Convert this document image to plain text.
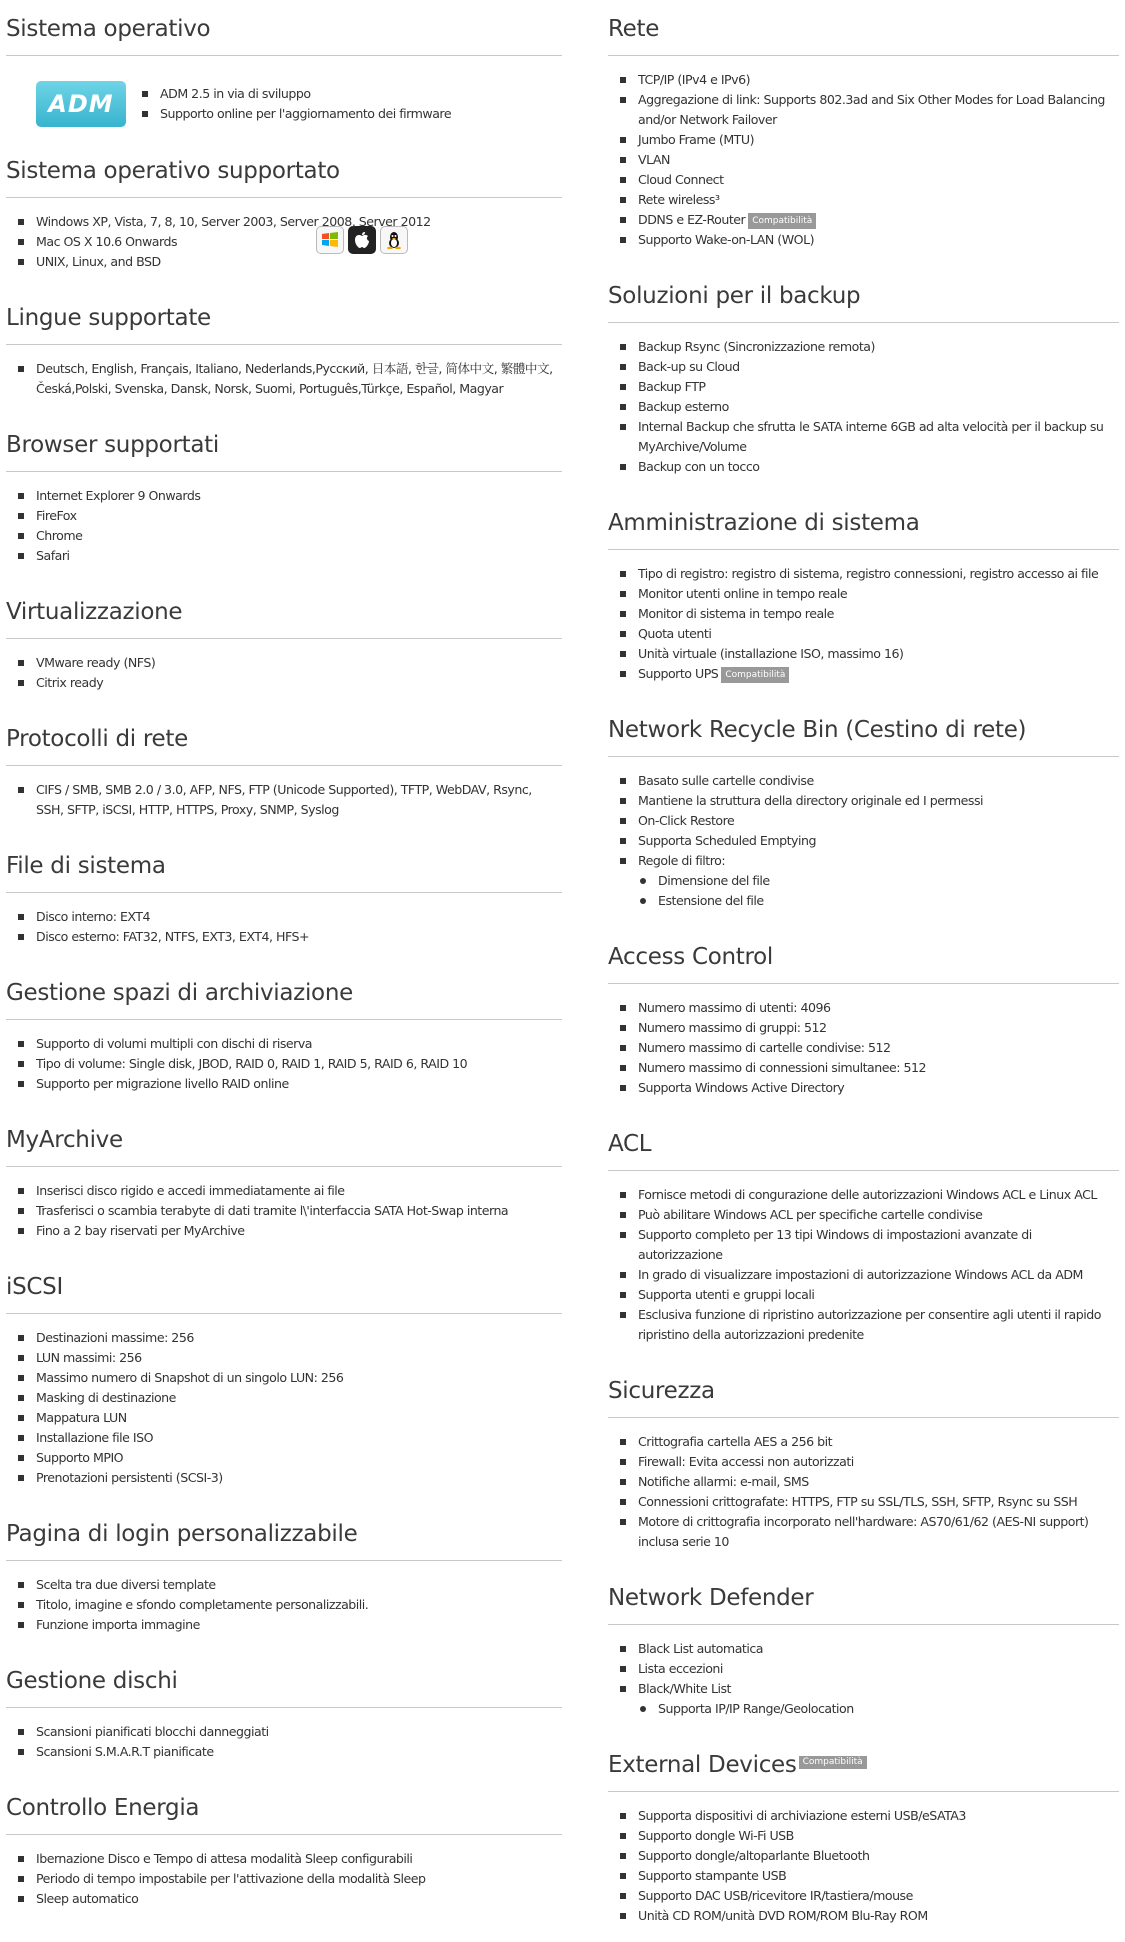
Sistema operativo
ADM	ADM 2.5 in via di sviluppo
Supporto online per l'aggiornamento dei firmware
Sistema operativo supportato
Windows XP, Vista, 7, 8, 10, Server 2003, Server 2008, Server 2012
Mac OS X 10.6 Onwards
UNIX, Linux, and BSD
Lingue supportate
Deutsch, English, Français, Italiano, Nederlands,Русский, 日本語, 한글, 简体中文, 繁體中文, Česká,Polski, Svenska, Dansk, Norsk, Suomi, Português,Türkçe, Español, Magyar
Browser supportati
Internet Explorer 9 Onwards
FireFox
Chrome
Safari
Virtualizzazione
VMware ready (NFS)
Citrix ready
Protocolli di rete
CIFS / SMB, SMB 2.0 / 3.0, AFP, NFS, FTP (Unicode Supported), TFTP, WebDAV, Rsync, SSH, SFTP, iSCSI, HTTP, HTTPS, Proxy, SNMP, Syslog
File di sistema
Disco interno: EXT4
Disco esterno: FAT32, NTFS, EXT3, EXT4, HFS+
Gestione spazi di archiviazione
Supporto di volumi multipli con dischi di riserva
Tipo di volume: Single disk, JBOD, RAID 0, RAID 1, RAID 5, RAID 6, RAID 10
Supporto per migrazione livello RAID online
MyArchive
Inserisci disco rigido e accedi immediatamente ai file
Trasferisci o scambia terabyte di dati tramite l\'interfaccia SATA Hot-Swap interna
Fino a 2 bay riservati per MyArchive
iSCSI
Destinazioni massime: 256
LUN massimi: 256
Massimo numero di Snapshot di un singolo LUN: 256
Masking di destinazione
Mappatura LUN
Installazione file ISO
Supporto MPIO
Prenotazioni persistenti (SCSI-3)
Pagina di login personalizzabile
Scelta tra due diversi template
Titolo, imagine e sfondo completamente personalizzabili.
Funzione importa immagine
Gestione dischi
Scansioni pianificati blocchi danneggiati
Scansioni S.M.A.R.T pianificate
Controllo Energia
Ibernazione Disco e Tempo di attesa modalità Sleep configurabili
Periodo di tempo impostabile per l'attivazione della modalità Sleep
Sleep automatico
Rete
TCP/IP (IPv4 e IPv6)
Aggregazione di link: Supports 802.3ad and Six Other Modes for Load Balancing and/or Network Failover
Jumbo Frame (MTU)
VLAN
Cloud Connect
Rete wireless³
DDNS e EZ-Router Compatibilità
Supporto Wake-on-LAN (WOL)
Soluzioni per il backup
Backup Rsync (Sincronizzazione remota)
Back-up su Cloud
Backup FTP
Backup esterno
Internal Backup che sfrutta le SATA interne 6GB ad alta velocità per il backup su MyArchive/Volume
Backup con un tocco
Amministrazione di sistema
Tipo di registro: registro di sistema, registro connessioni, registro accesso ai file
Monitor utenti online in tempo reale
Monitor di sistema in tempo reale
Quota utenti
Unità virtuale (installazione ISO, massimo 16)
Supporto UPS Compatibilità
Network Recycle Bin (Cestino di rete)
Basato sulle cartelle condivise
Mantiene la struttura della directory originale ed I permessi
On-Click Restore
Supporta Scheduled Emptying
Regole di filtro:
Dimensione del file
Estensione del file
Access Control
Numero massimo di utenti: 4096
Numero massimo di gruppi: 512
Numero massimo di cartelle condivise: 512
Numero massimo di connessioni simultanee: 512
Supporta Windows Active Directory
ACL
Fornisce metodi di congurazione delle autorizzazioni Windows ACL e Linux ACL
Può abilitare Windows ACL per specifiche cartelle condivise
Supporto completo per 13 tipi Windows di impostazioni avanzate di autorizzazione
In grado di visualizzare impostazioni di autorizzazione Windows ACL da ADM
Supporta utenti e gruppi locali
Esclusiva funzione di ripristino autorizzazione per consentire agli utenti il rapido ripristino della autorizzazioni predenite
Sicurezza
Crittografia cartella AES a 256 bit
Firewall: Evita accessi non autorizzati
Notifiche allarmi: e-mail, SMS
Connessioni crittografate: HTTPS, FTP su SSL/TLS, SSH, SFTP, Rsync su SSH
Motore di crittografia incorporato nell'hardware: AS70/61/62 (AES-NI support) inclusa serie 10
Network Defender
Black List automatica
Lista eccezioni
Black/White List
Supporta IP/IP Range/Geolocation
External Devices Compatibilità
Supporta dispositivi di archiviazione esterni USB/eSATA3
Supporto dongle Wi-Fi USB
Supporto dongle/altoparlante Bluetooth
Supporto stampante USB
Supporto DAC USB/ricevitore IR/tastiera/mouse
Unità CD ROM/unità DVD ROM/ROM Blu-Ray ROM
